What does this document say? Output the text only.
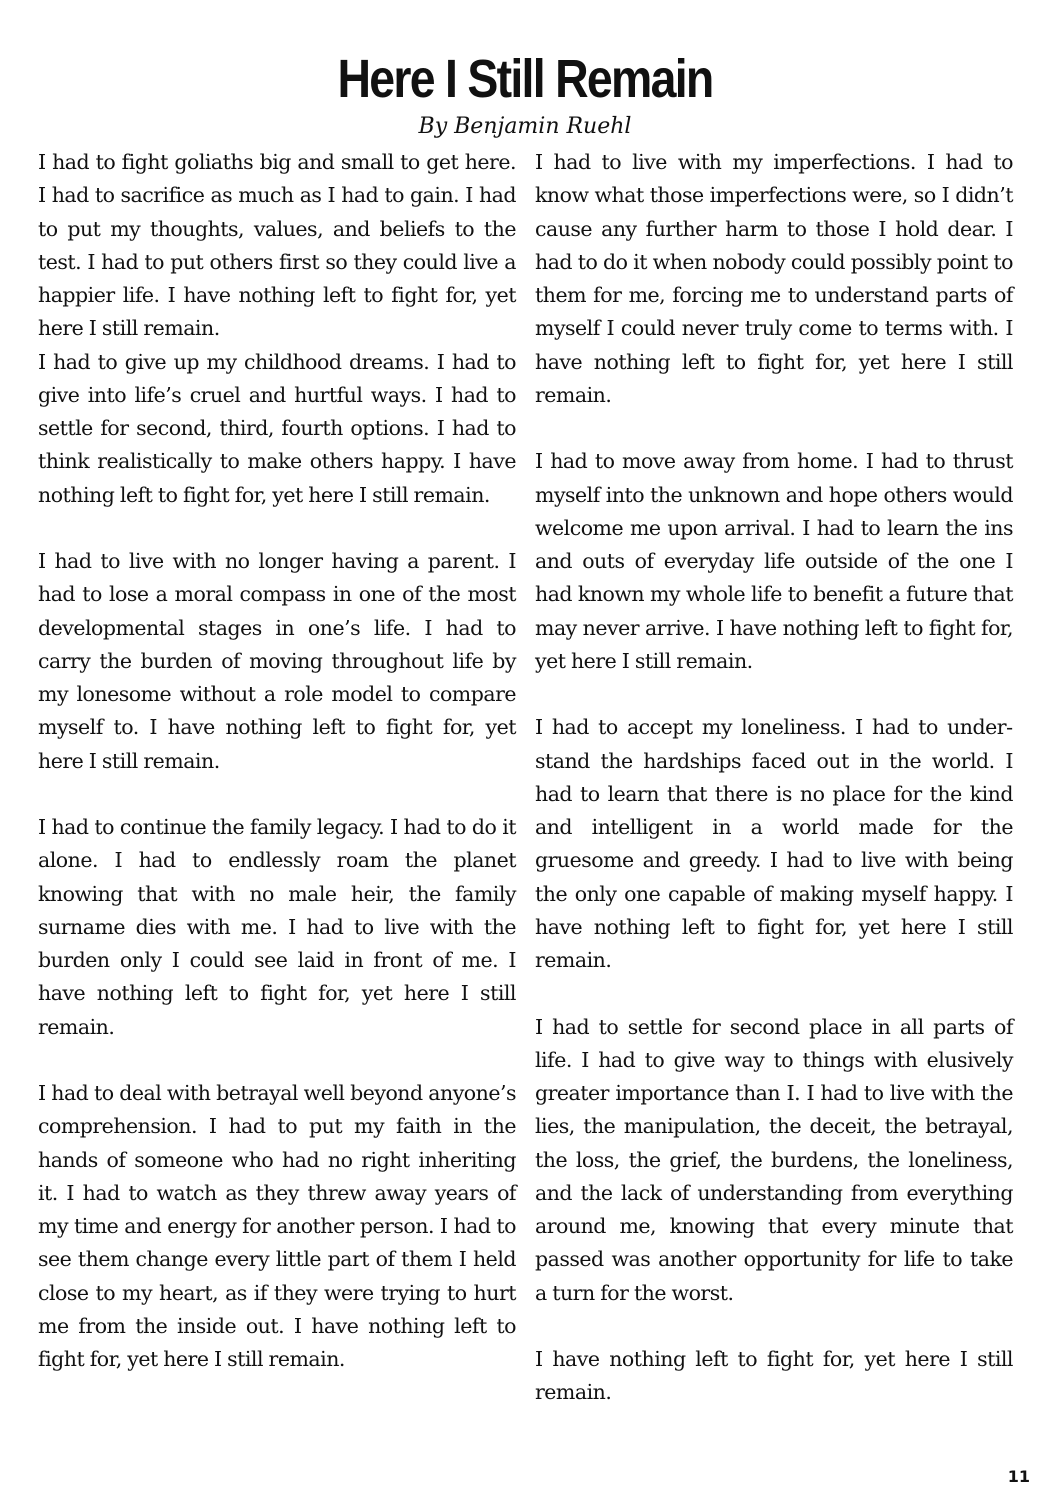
Here I Still Remain
By Benjamin Ruehl

I had to fight goliaths big and small to get here. I had to sacrifice as much as I had to gain. I had to put my thoughts, values, and beliefs to the test. I had to put others first so they could live a happier life. I have nothing left to fight for, yet here I still remain.

I had to give up my childhood dreams. I had to give into life’s cruel and hurtful ways. I had to settle for second, third, fourth options. I had to think realistically to make others happy. I have nothing left to fight for, yet here I still remain.

I had to live with no longer having a parent. I had to lose a moral compass in one of the most developmental stages in one’s life. I had to carry the burden of moving throughout life by my lonesome without a role model to compare myself to. I have nothing left to fight for, yet here I still remain.

I had to continue the family legacy. I had to do it alone. I had to endlessly roam the planet knowing that with no male heir, the family surname dies with me. I had to live with the burden only I could see laid in front of me. I have nothing left to fight for, yet here I still remain.

I had to deal with betrayal well beyond anyone’s comprehension. I had to put my faith in the hands of someone who had no right inheriting it. I had to watch as they threw away years of my time and energy for another person. I had to see them change every little part of them I held close to my heart, as if they were trying to hurt me from the inside out. I have nothing left to fight for, yet here I still remain.

I had to live with my imperfections. I had to know what those imperfections were, so I didn’t cause any further harm to those I hold dear. I had to do it when nobody could possibly point to them for me, forcing me to understand parts of myself I could never truly come to terms with. I have nothing left to fight for, yet here I still remain.

I had to move away from home. I had to thrust myself into the unknown and hope others would welcome me upon arrival. I had to learn the ins and outs of everyday life outside of the one I had known my whole life to benefit a future that may never arrive. I have nothing left to fight for, yet here I still remain.

I had to accept my loneliness. I had to understand the hardships faced out in the world. I had to learn that there is no place for the kind and intelligent in a world made for the gruesome and greedy. I had to live with being the only one capable of making myself happy. I have nothing left to fight for, yet here I still remain.

I had to settle for second place in all parts of life. I had to give way to things with elusively greater importance than I. I had to live with the lies, the manipulation, the deceit, the betrayal, the loss, the grief, the burdens, the loneliness, and the lack of understanding from everything around me, knowing that every minute that passed was another opportunity for life to take a turn for the worst.

I have nothing left to fight for, yet here I still remain.

11
